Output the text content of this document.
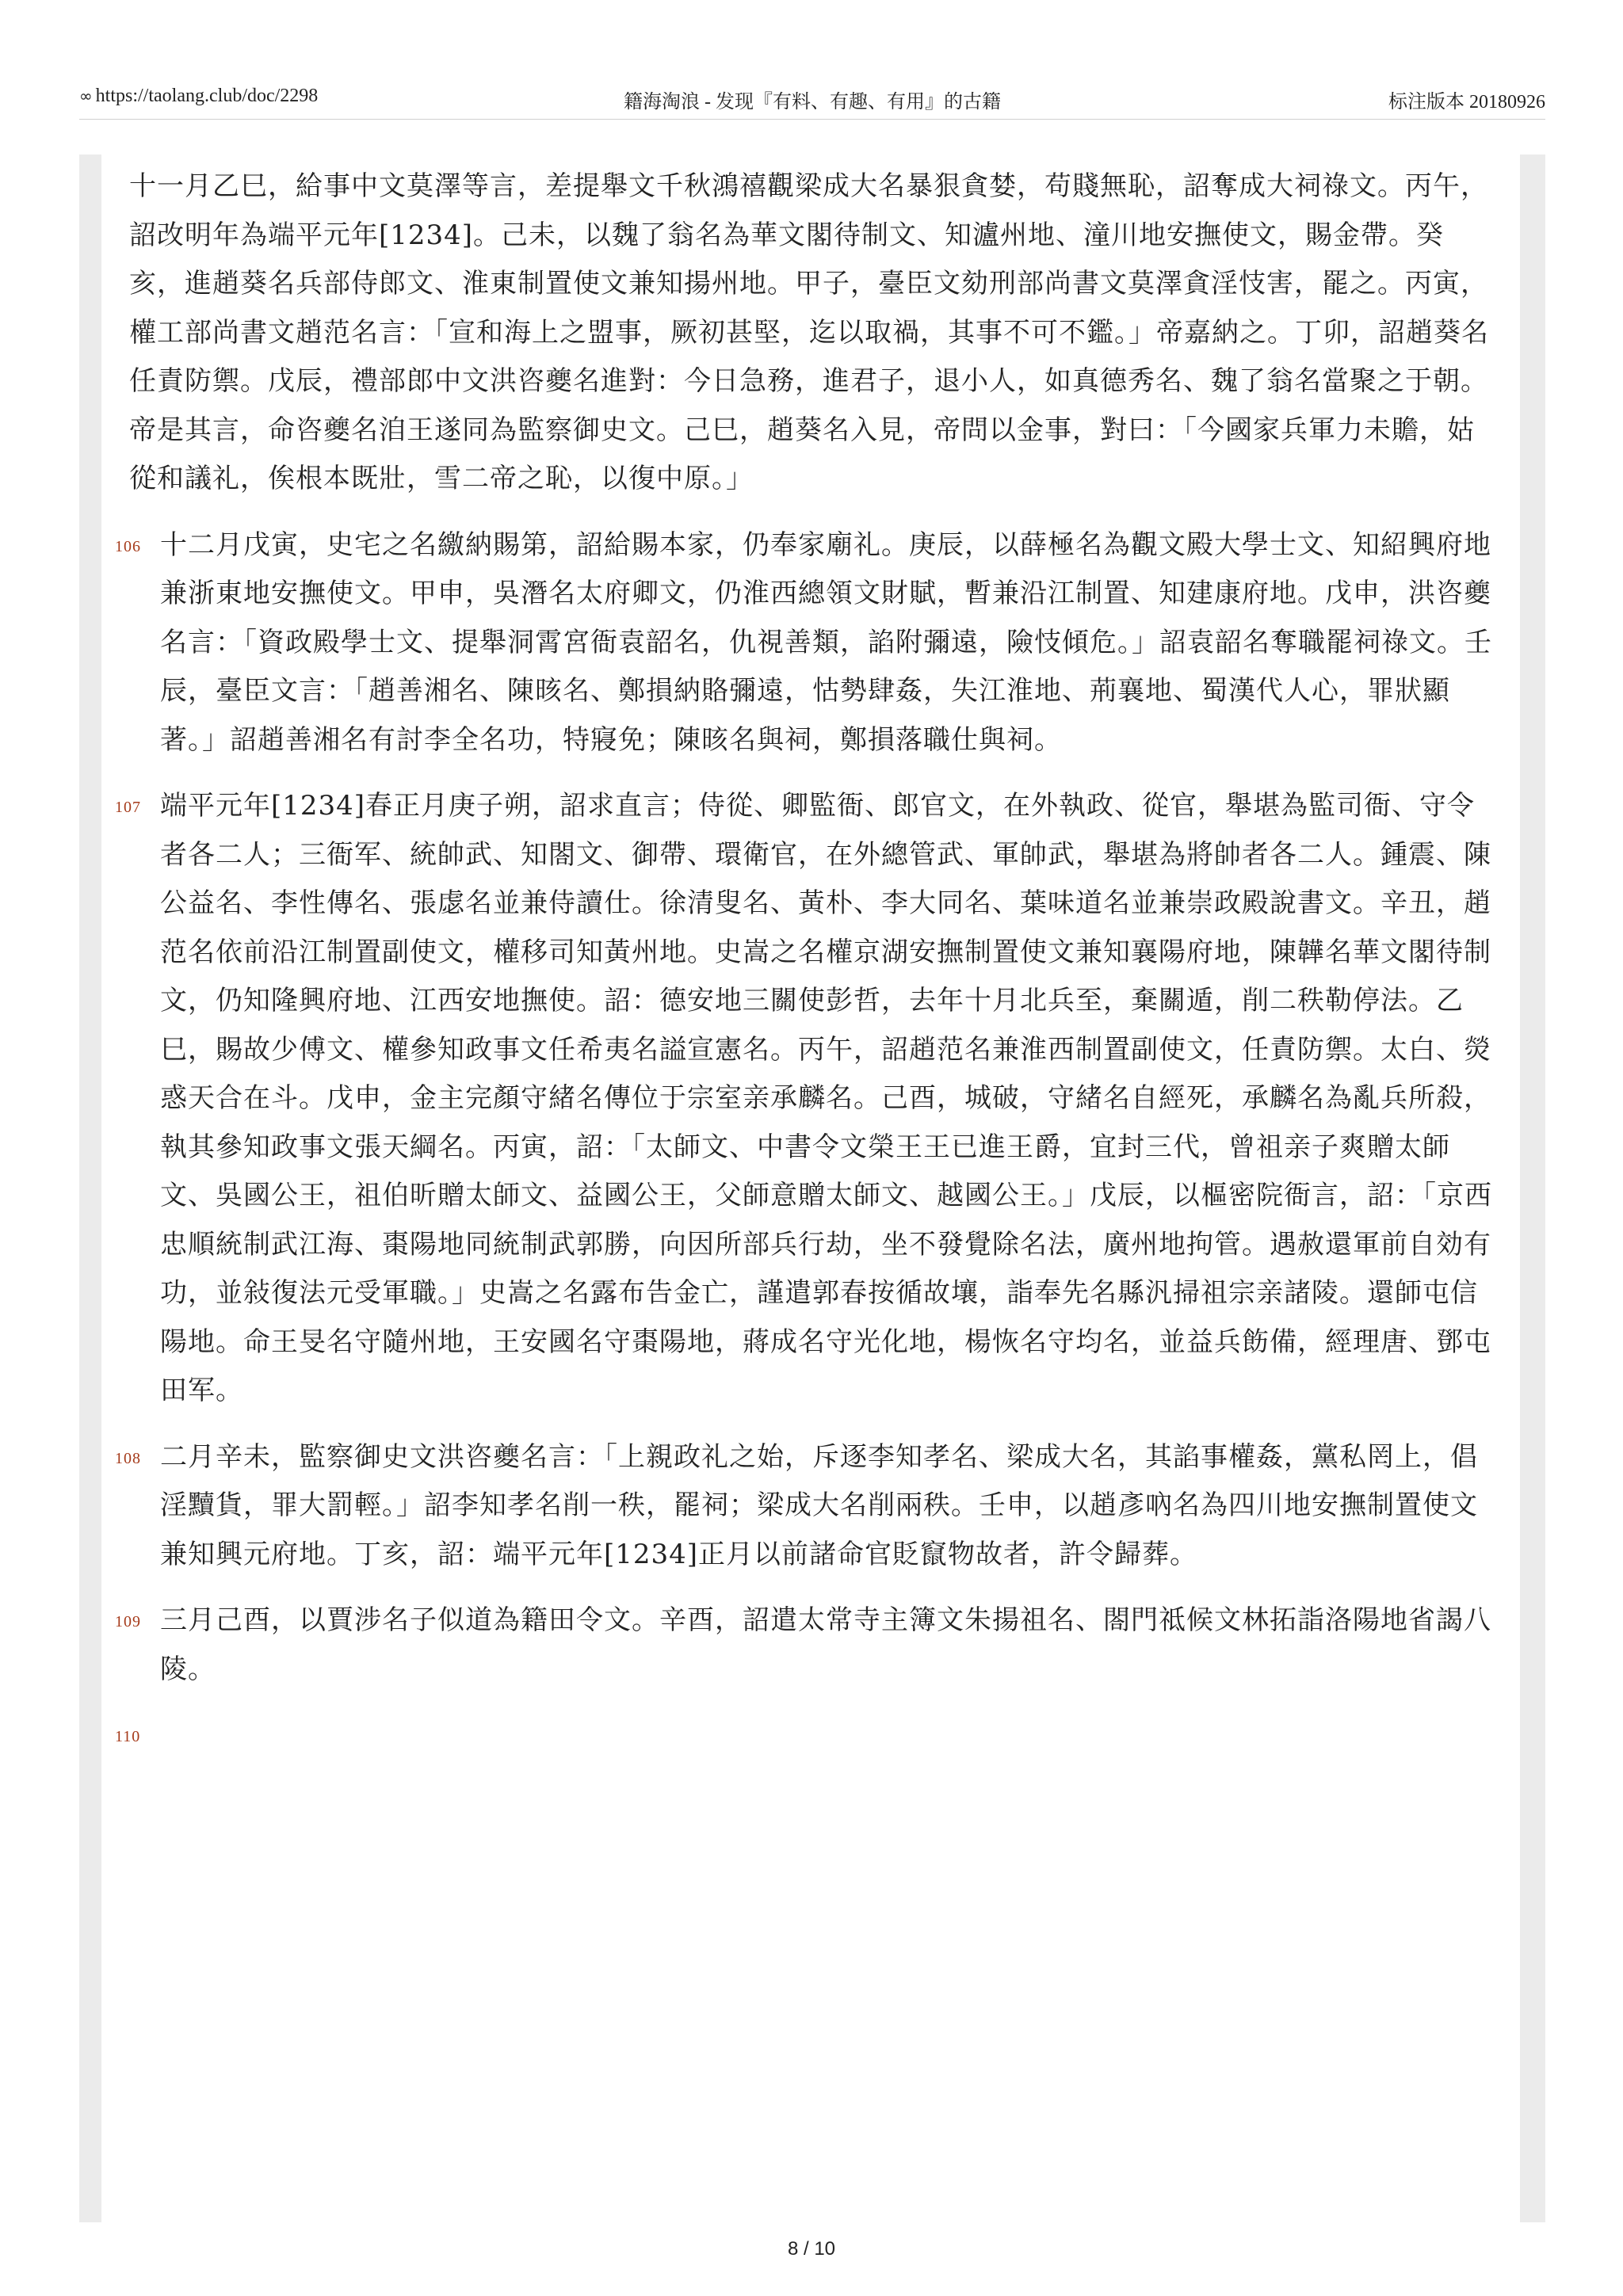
∞ https://taolang.club/doc/2298	籍海淘浪 - 发现『有料、有趣、有用』的古籍	标注版本 20180926
十一月乙巳，給事中文莫澤等言，差提舉文千秋鴻禧觀梁成大名暴狠貪婪，苟賤無恥，詔奪成大祠祿文。丙午，詔改明年為端平元年[1234]。己未，以魏了翁名為華文閣待制文、知瀘州地、潼川地安撫使文，賜金帶。癸亥，進趙葵名兵部侍郎文、淮東制置使文兼知揚州地。甲子，臺臣文劾刑部尚書文莫澤貪淫忮害，罷之。丙寅，權工部尚書文趙范名言：「宣和海上之盟事，厥初甚堅，迄以取禍，其事不可不鑑。」帝嘉納之。丁卯，詔趙葵名任責防禦。戊辰，禮部郎中文洪咨夔名進對：今日急務，進君子，退小人，如真德秀名、魏了翁名當聚之于朝。帝是其言，命咨夔名洎王遂同為監察御史文。己巳，趙葵名入見，帝問以金事，對曰：「今國家兵軍力未贍，姑從和議礼，俟根本既壯，雪二帝之恥，以復中原。」
106 十二月戊寅，史宅之名繳納賜第，詔給賜本家，仍奉家廟礼。庚辰，以薛極名為觀文殿大學士文、知紹興府地兼浙東地安撫使文。甲申，吳潛名太府卿文，仍淮西總領文財賦，暫兼沿江制置、知建康府地。戊申，洪咨夔名言：「資政殿學士文、提舉洞霄宮衙袁韶名，仇視善類，諂附彌遠，險忮傾危。」詔袁韶名奪職罷祠祿文。壬辰，臺臣文言：「趙善湘名、陳晐名、鄭損納賂彌遠，怙勢肆姦，失江淮地、荊襄地、蜀漢代人心，罪狀顯著。」詔趙善湘名有討李全名功，特寢免；陳晐名與祠，鄭損落職仕與祠。
107 端平元年[1234]春正月庚子朔，詔求直言；侍從、卿監衙、郎官文，在外執政、從官，舉堪為監司衙、守令者各二人；三衙军、統帥武、知閤文、御帶、環衛官，在外總管武、軍帥武，舉堪為將帥者各二人。鍾震、陳公益名、李性傳名、張虙名並兼侍讀仕。徐清叟名、黃朴、李大同名、葉味道名並兼崇政殿說書文。辛丑，趙范名依前沿江制置副使文，權移司知黃州地。史嵩之名權京湖安撫制置使文兼知襄陽府地，陳韡名華文閣待制文，仍知隆興府地、江西安地撫使。詔：德安地三關使彭哲，去年十月北兵至，棄關遁，削二秩勒停法。乙巳，賜故少傅文、權參知政事文任希夷名謚宣憲名。丙午，詔趙范名兼淮西制置副使文，任責防禦。太白、熒惑天合在斗。戊申，金主完顏守緒名傳位于宗室亲承麟名。己酉，城破，守緒名自經死，承麟名為亂兵所殺，執其參知政事文張天綱名。丙寅，詔：「太師文、中書令文榮王王已進王爵，宜封三代，曾祖亲子爽贈太師文、吳國公王，祖伯昕贈太師文、益國公王，父師意贈太師文、越國公王。」戊辰，以樞密院衙言，詔：「京西忠順統制武江海、棗陽地同統制武郭勝，向因所部兵行劫，坐不發覺除名法，廣州地拘管。遇赦還軍前自効有功，並敍復法元受軍職。」史嵩之名露布告金亡，謹遣郭春按循故壤，詣奉先名縣汎掃祖宗亲諸陵。還師屯信陽地。命王旻名守隨州地，王安國名守棗陽地，蔣成名守光化地，楊恢名守均名，並益兵飭備，經理唐、鄧屯田军。
108 二月辛未，監察御史文洪咨夔名言：「上親政礼之始，斥逐李知孝名、梁成大名，其諂事權姦，黨私罔上，倡淫黷貨，罪大罰輕。」詔李知孝名削一秩，罷祠；梁成大名削兩秩。壬申，以趙彥吶名為四川地安撫制置使文兼知興元府地。丁亥，詔：端平元年[1234]正月以前諸命官貶竄物故者，許令歸葬。
109 三月己酉，以賈涉名子似道為籍田令文。辛酉，詔遣太常寺主簿文朱揚祖名、閤門祗候文林拓詣洛陽地省謁八陵。
110
8 / 10
